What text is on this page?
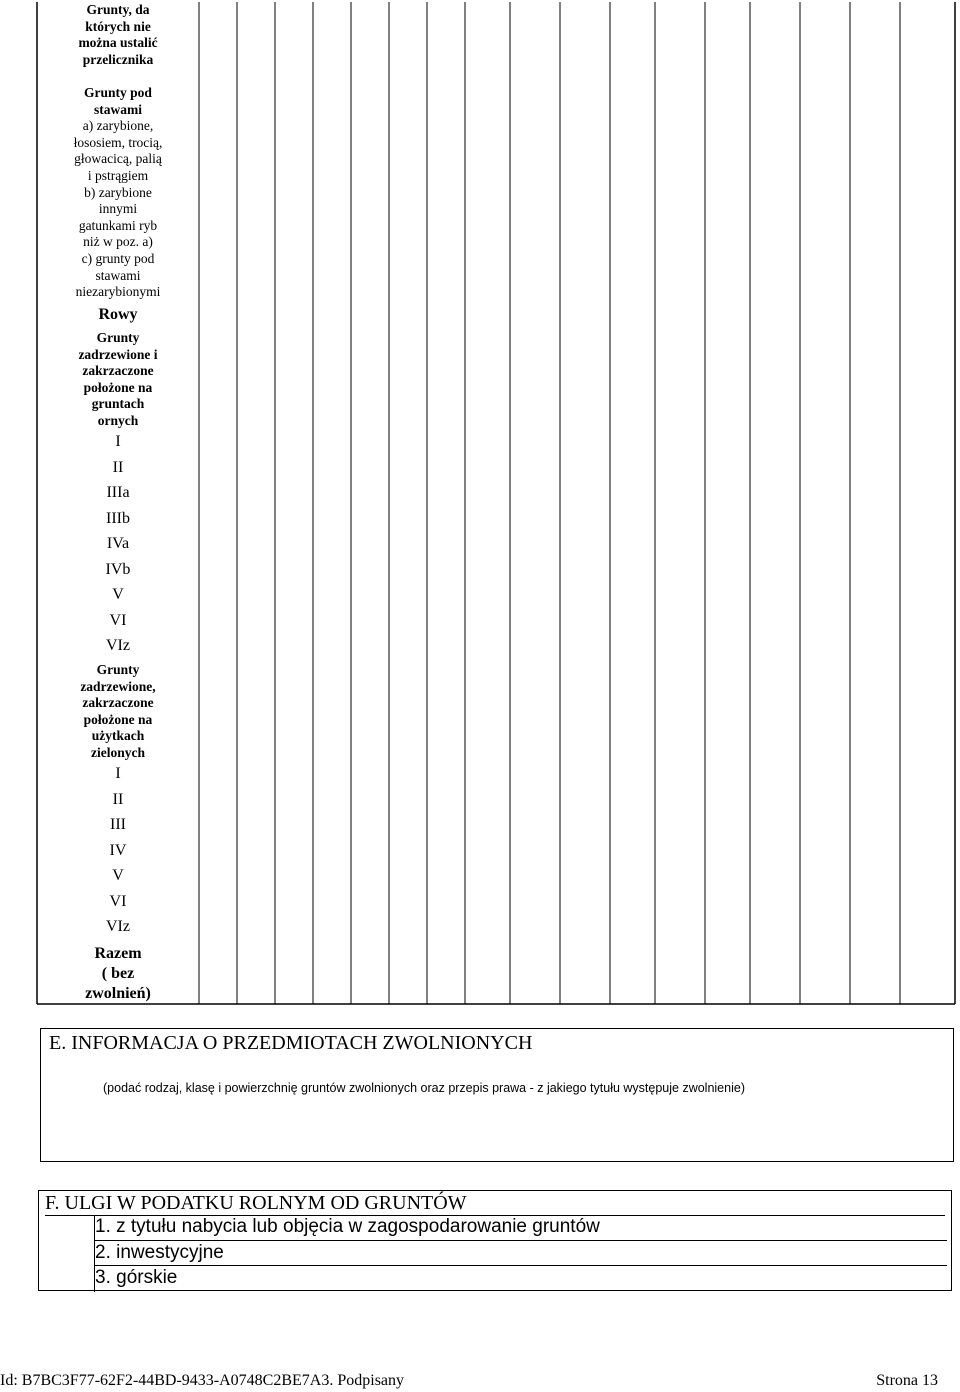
Grunty, da
których nie
można ustalić
przelicznika
Grunty pod
stawami
a) zarybione,
łososiem, trocią,
głowacicą, palią
i pstrągiem
b) zarybione
innymi
gatunkami ryb
niż w poz. a)
c) grunty pod
stawami
niezarybionymi
Rowy
Grunty
zadrzewione i
zakrzaczone
położone na
gruntach
ornych
I
II
IIIa
IIIb
IVa
IVb
V
VI
VIz
Grunty
zadrzewione,
zakrzaczone
położone na
użytkach
zielonych
I
II
III
IV
V
VI
VIz
Razem
( bez
zwolnień)
E. INFORMACJA O PRZEDMIOTACH ZWOLNIONYCH
(podać rodzaj, klasę i powierzchnię gruntów zwolnionych oraz przepis prawa - z jakiego tytułu występuje zwolnienie)
F. ULGI W PODATKU ROLNYM OD GRUNTÓW
1. z tytułu nabycia lub objęcia w zagospodarowanie gruntów
2. inwestycyjne
3. górskie
Id: B7BC3F77-62F2-44BD-9433-A0748C2BE7A3. Podpisany	Strona 13
